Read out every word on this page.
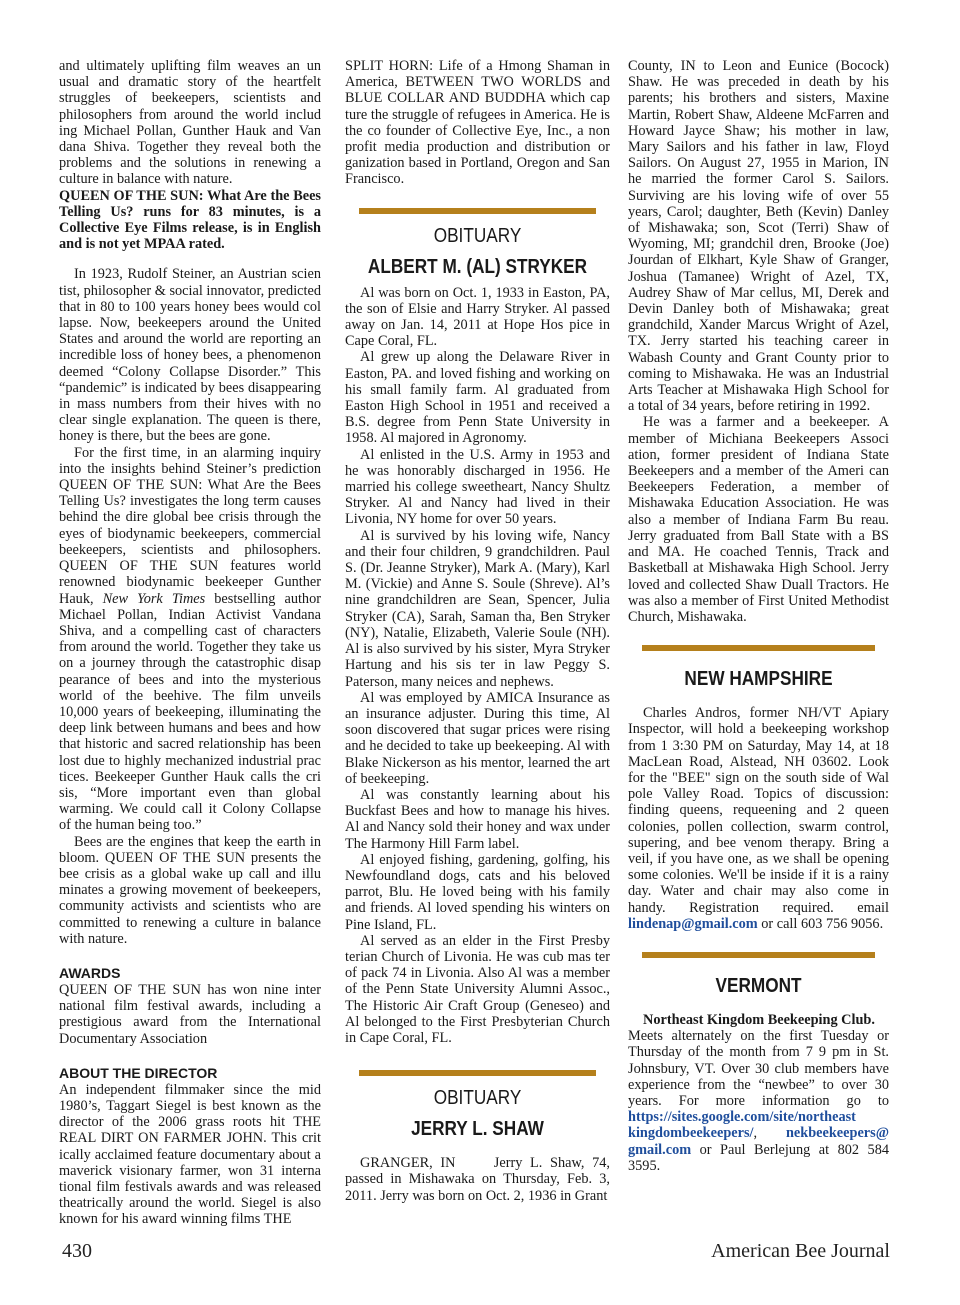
and ultimately uplifting film weaves an un usual and dramatic story of the heartfelt struggles of beekeepers, scientists and philosophers from around the world includ ing Michael Pollan, Gunther Hauk and Van dana Shiva. Together they reveal both the problems and the solutions in renewing a culture in balance with nature.

QUEEN OF THE SUN: What Are the Bees Telling Us? runs for 83 minutes, is a Collective Eye Films release, is in English and is not yet MPAA rated.

In 1923, Rudolf Steiner, an Austrian scien tist, philosopher & social innovator, predicted that in 80 to 100 years honey bees would col lapse. Now, beekeepers around the United States and around the world are reporting an incredible loss of honey bees, a phenomenon deemed “Colony Collapse Disorder.” This “pandemic” is indicated by bees disappearing in mass numbers from their hives with no clear single explanation. The queen is there, honey is there, but the bees are gone.

For the first time, in an alarming inquiry into the insights behind Steiner’s prediction QUEEN OF THE SUN: What Are the Bees Telling Us? investigates the long term causes behind the dire global bee crisis through the eyes of biodynamic beekeepers, commercial beekeepers, scientists and philosophers. QUEEN OF THE SUN features world renowned biodynamic beekeeper Gunther Hauk, New York Times bestselling author Michael Pollan, Indian Activist Vandana Shiva, and a compelling cast of characters from around the world. Together they take us on a journey through the catastrophic disap pearance of bees and into the mysterious world of the beehive. The film unveils 10,000 years of beekeeping, illuminating the deep link between humans and bees and how that historic and sacred relationship has been lost due to highly mechanized industrial prac tices. Beekeeper Gunther Hauk calls the cri sis, “More important even than global warming. We could call it Colony Collapse of the human being too.”

Bees are the engines that keep the earth in bloom. QUEEN OF THE SUN presents the bee crisis as a global wake up call and illu minates a growing movement of beekeepers, community activists and scientists who are committed to renewing a culture in balance with nature.

AWARDS

QUEEN OF THE SUN has won nine inter national film festival awards, including a prestigious award from the International Documentary Association

ABOUT THE DIRECTOR

An independent filmmaker since the mid 1980’s, Taggart Siegel is best known as the director of the 2006 grass roots hit THE REAL DIRT ON FARMER JOHN. This crit ically acclaimed feature documentary about a maverick visionary farmer, won 31 interna tional film festivals awards and was released theatrically around the world. Siegel is also known for his award winning films THE

SPLIT HORN: Life of a Hmong Shaman in America, BETWEEN TWO WORLDS and BLUE COLLAR AND BUDDHA which cap ture the struggle of refugees in America. He is the co founder of Collective Eye, Inc., a non profit media production and distribution or ganization based in Portland, Oregon and San Francisco.

OBITUARY
ALBERT M. (AL) STRYKER

Al was born on Oct. 1, 1933 in Easton, PA, the son of Elsie and Harry Stryker. Al passed away on Jan. 14, 2011 at Hope Hos pice in Cape Coral, FL.

Al grew up along the Delaware River in Easton, PA. and loved fishing and working on his small family farm. Al graduated from Easton High School in 1951 and received a B.S. degree from Penn State University in 1958. Al majored in Agronomy.

Al enlisted in the U.S. Army in 1953 and he was honorably discharged in 1956. He married his college sweetheart, Nancy Shultz Stryker. Al and Nancy had lived in their Livonia, NY home for over 50 years.

Al is survived by his loving wife, Nancy and their four children, 9 grandchildren. Paul S. (Dr. Jeanne Stryker), Mark A. (Mary), Karl M. (Vickie) and Anne S. Soule (Shreve). Al’s nine grandchildren are Sean, Spencer, Julia Stryker (CA), Sarah, Saman tha, Ben Stryker (NY), Natalie, Elizabeth, Valerie Soule (NH). Al is also survived by his sister, Myra Stryker Hartung and his sis ter in law Peggy S. Paterson, many neices and nephews.

Al was employed by AMICA Insurance as an insurance adjuster. During this time, Al soon discovered that sugar prices were rising and he decided to take up beekeeping. Al with Blake Nickerson as his mentor, learned the art of beekeeping.

Al was constantly learning about his Buckfast Bees and how to manage his hives. Al and Nancy sold their honey and wax under The Harmony Hill Farm label.

Al enjoyed fishing, gardening, golfing, his Newfoundland dogs, cats and his beloved parrot, Blu. He loved being with his family and friends. Al loved spending his winters on Pine Island, FL.

Al served as an elder in the First Presby terian Church of Livonia. He was cub mas ter of pack 74 in Livonia. Also Al was a member of the Penn State University Alumni Assoc., The Historic Air Craft Group (Geneseo) and Al belonged to the First Presbyterian Church in Cape Coral, FL.

OBITUARY
JERRY L. SHAW

GRANGER, IN     Jerry L. Shaw, 74, passed in Mishawaka on Thursday, Feb. 3, 2011. Jerry was born on Oct. 2, 1936 in Grant

County, IN to Leon and Eunice (Bocock) Shaw. He was preceded in death by his parents; his brothers and sisters, Maxine Martin, Robert Shaw, Aldeene McFarren and Howard Jayce Shaw; his mother in law, Mary Sailors and his father in law, Floyd Sailors. On August 27, 1955 in Marion, IN he married the former Carol S. Sailors. Surviving are his loving wife of over 55 years, Carol; daughter, Beth (Kevin) Danley of Mishawaka; son, Scot (Terri) Shaw of Wyoming, MI; grandchil dren, Brooke (Joe) Jourdan of Elkhart, Kyle Shaw of Granger, Joshua (Tamanee) Wright of Azel, TX, Audrey Shaw of Mar cellus, MI, Derek and Devin Danley both of Mishawaka; great grandchild, Xander Marcus Wright of Azel, TX. Jerry started his teaching career in Wabash County and Grant County prior to coming to Mishawaka. He was an Industrial Arts Teacher at Mishawaka High School for a total of 34 years, before retiring in 1992.

He was a farmer and a beekeeper. A member of Michiana Beekeepers Associ ation, former president of Indiana State Beekeepers and a member of the Ameri can Beekeepers Federation, a member of Mishawaka Education Association. He was also a member of Indiana Farm Bu reau. Jerry graduated from Ball State with a BS and MA. He coached Tennis, Track and Basketball at Mishawaka High School. Jerry loved and collected Shaw Duall Tractors. He was also a member of First United Methodist Church, Mishawaka.

NEW HAMPSHIRE

Charles Andros, former NH/VT Apiary Inspector, will hold a beekeeping workshop from 1 3:30 PM on Saturday, May 14, at 18 MacLean Road, Alstead, NH 03602. Look for the "BEE" sign on the south side of Wal pole Valley Road. Topics of discussion: finding queens, requeening and 2 queen colonies, pollen collection, swarm control, supering, and bee venom therapy. Bring a veil, if you have one, as we shall be opening some colonies. We'll be inside if it is a rainy day. Water and chair may also come in handy. Registration required. email lindenap@gmail.com or call 603 756 9056.

VERMONT

Northeast Kingdom Beekeeping Club.

Meets alternately on the first Tuesday or Thursday of the month from 7 9 pm in St. Johnsbury, VT. Over 30 club members have experience from the “newbee” to over 30 years. For more information go to https://sites.google.com/site/northeast kingdombeekeepers/, nekbeekeepers@ gmail.com or Paul Berlejung at 802 584 3595.

430	American Bee Journal
